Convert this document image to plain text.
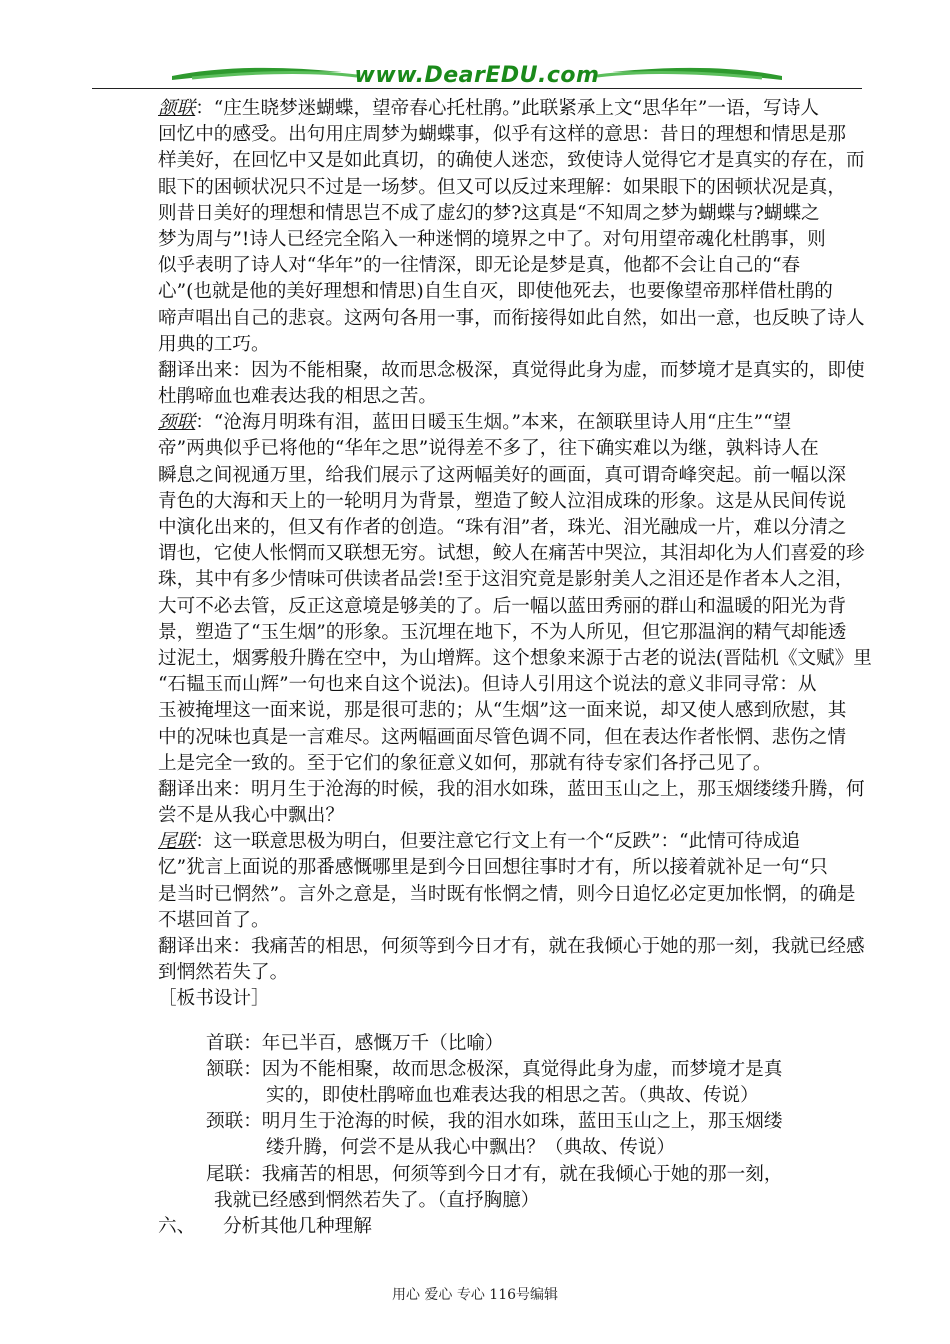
www.DearEDU.com
颔联：“庄生晓梦迷蝴蝶，望帝春心托杜鹃。”此联紧承上文“思华年”一语，写诗人
回忆中的感受。出句用庄周梦为蝴蝶事，似乎有这样的意思：昔日的理想和情思是那
样美好，在回忆中又是如此真切，的确使人迷恋，致使诗人觉得它才是真实的存在，而
眼下的困顿状况只不过是一场梦。但又可以反过来理解：如果眼下的困顿状况是真，
则昔日美好的理想和情思岂不成了虚幻的梦?这真是“不知周之梦为蝴蝶与?蝴蝶之
梦为周与”!诗人已经完全陷入一种迷惘的境界之中了。对句用望帝魂化杜鹃事，则
似乎表明了诗人对“华年”的一往情深，即无论是梦是真，他都不会让自己的“春
心”(也就是他的美好理想和情思)自生自灭，即使他死去，也要像望帝那样借杜鹃的
啼声唱出自己的悲哀。这两句各用一事，而衔接得如此自然，如出一意，也反映了诗人
用典的工巧。
翻译出来：因为不能相聚，故而思念极深，真觉得此身为虚，而梦境才是真实的，即使
杜鹃啼血也难表达我的相思之苦。
颈联：“沧海月明珠有泪，蓝田日暖玉生烟。”本来，在颔联里诗人用“庄生”“望
帝”两典似乎已将他的“华年之思”说得差不多了，往下确实难以为继，孰料诗人在
瞬息之间视通万里，给我们展示了这两幅美好的画面，真可谓奇峰突起。前一幅以深
青色的大海和天上的一轮明月为背景，塑造了鲛人泣泪成珠的形象。这是从民间传说
中演化出来的，但又有作者的创造。“珠有泪”者，珠光、泪光融成一片，难以分清之
谓也，它使人怅惘而又联想无穷。试想，鲛人在痛苦中哭泣，其泪却化为人们喜爱的珍
珠，其中有多少情味可供读者品尝!至于这泪究竟是影射美人之泪还是作者本人之泪，
大可不必去管，反正这意境是够美的了。后一幅以蓝田秀丽的群山和温暖的阳光为背
景，塑造了“玉生烟”的形象。玉沉埋在地下，不为人所见，但它那温润的精气却能透
过泥土，烟雾般升腾在空中，为山增辉。这个想象来源于古老的说法(晋陆机《文赋》里
“石韫玉而山辉”一句也来自这个说法)。但诗人引用这个说法的意义非同寻常：从
玉被掩埋这一面来说，那是很可悲的；从“生烟”这一面来说，却又使人感到欣慰，其
中的况味也真是一言难尽。这两幅画面尽管色调不同，但在表达作者怅惘、悲伤之情
上是完全一致的。至于它们的象征意义如何，那就有待专家们各抒己见了。
翻译出来：明月生于沧海的时候，我的泪水如珠，蓝田玉山之上，那玉烟缕缕升腾，何
尝不是从我心中飘出？
尾联：这一联意思极为明白，但要注意它行文上有一个“反跌”：“此情可待成追
忆”犹言上面说的那番感慨哪里是到今日回想往事时才有，所以接着就补足一句“只
是当时已惘然”。言外之意是，当时既有怅惘之情，则今日追忆必定更加怅惘，的确是
不堪回首了。
翻译出来：我痛苦的相思，何须等到今日才有，就在我倾心于她的那一刻，我就已经感
到惘然若失了。
［板书设计］
首联：年已半百，感慨万千（比喻）
颔联：因为不能相聚，故而思念极深，真觉得此身为虚，而梦境才是真
实的，即使杜鹃啼血也难表达我的相思之苦。（典故、传说）
颈联：明月生于沧海的时候，我的泪水如珠，蓝田玉山之上，那玉烟缕
缕升腾，何尝不是从我心中飘出？（典故、传说）
尾联：我痛苦的相思，何须等到今日才有，就在我倾心于她的那一刻，
我就已经感到惘然若失了。（直抒胸臆）
六、　　分析其他几种理解
用心 爱心 专心 116号编辑
